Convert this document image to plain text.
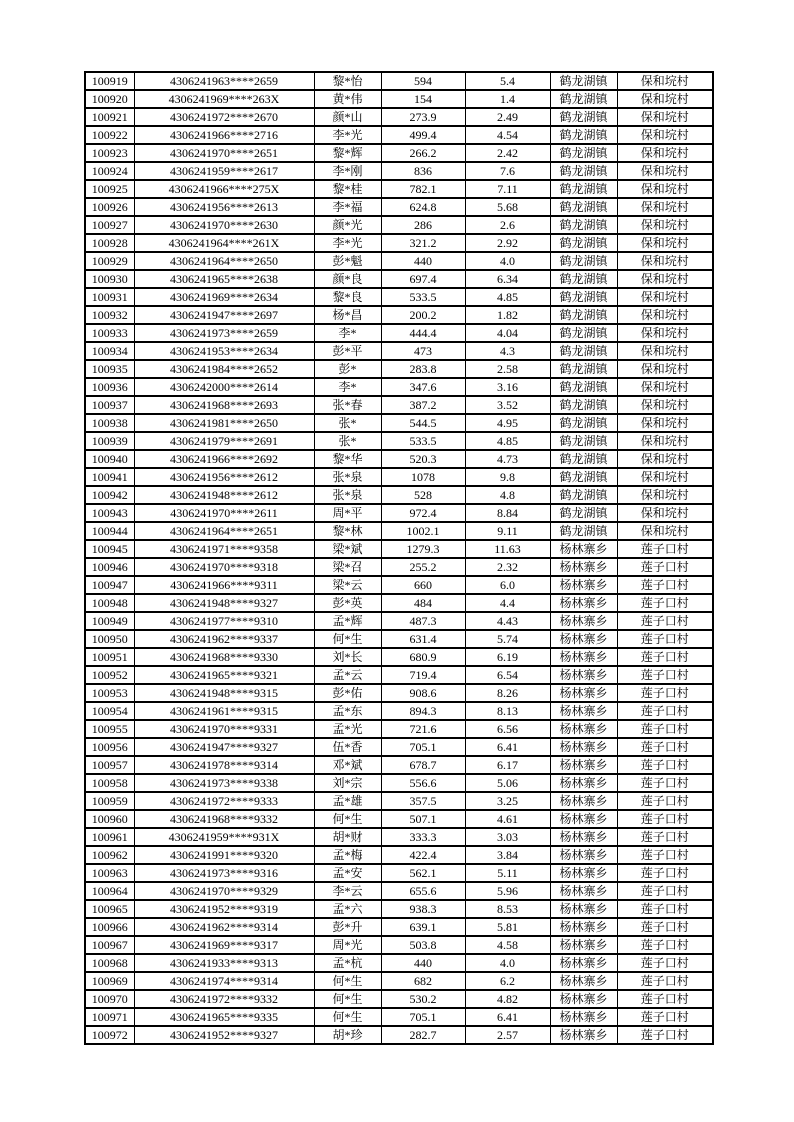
100919	4306241963****2659	黎*怡	594	5.4	鹤龙湖镇	保和垸村
100920	4306241969****263X	黄*伟	154	1.4	鹤龙湖镇	保和垸村
100921	4306241972****2670	颜*山	273.9	2.49	鹤龙湖镇	保和垸村
100922	4306241966****2716	李*光	499.4	4.54	鹤龙湖镇	保和垸村
100923	4306241970****2651	黎*辉	266.2	2.42	鹤龙湖镇	保和垸村
100924	4306241959****2617	李*刚	836	7.6	鹤龙湖镇	保和垸村
100925	4306241966****275X	黎*桂	782.1	7.11	鹤龙湖镇	保和垸村
100926	4306241956****2613	李*福	624.8	5.68	鹤龙湖镇	保和垸村
100927	4306241970****2630	颜*光	286	2.6	鹤龙湖镇	保和垸村
100928	4306241964****261X	李*光	321.2	2.92	鹤龙湖镇	保和垸村
100929	4306241964****2650	彭*魁	440	4.0	鹤龙湖镇	保和垸村
100930	4306241965****2638	颜*良	697.4	6.34	鹤龙湖镇	保和垸村
100931	4306241969****2634	黎*良	533.5	4.85	鹤龙湖镇	保和垸村
100932	4306241947****2697	杨*昌	200.2	1.82	鹤龙湖镇	保和垸村
100933	4306241973****2659	李*	444.4	4.04	鹤龙湖镇	保和垸村
100934	4306241953****2634	彭*平	473	4.3	鹤龙湖镇	保和垸村
100935	4306241984****2652	彭*	283.8	2.58	鹤龙湖镇	保和垸村
100936	4306242000****2614	李*	347.6	3.16	鹤龙湖镇	保和垸村
100937	4306241968****2693	张*春	387.2	3.52	鹤龙湖镇	保和垸村
100938	4306241981****2650	张*	544.5	4.95	鹤龙湖镇	保和垸村
100939	4306241979****2691	张*	533.5	4.85	鹤龙湖镇	保和垸村
100940	4306241966****2692	黎*华	520.3	4.73	鹤龙湖镇	保和垸村
100941	4306241956****2612	张*泉	1078	9.8	鹤龙湖镇	保和垸村
100942	4306241948****2612	张*泉	528	4.8	鹤龙湖镇	保和垸村
100943	4306241970****2611	周*平	972.4	8.84	鹤龙湖镇	保和垸村
100944	4306241964****2651	黎*林	1002.1	9.11	鹤龙湖镇	保和垸村
100945	4306241971****9358	梁*斌	1279.3	11.63	杨林寨乡	莲子口村
100946	4306241970****9318	梁*召	255.2	2.32	杨林寨乡	莲子口村
100947	4306241966****9311	梁*云	660	6.0	杨林寨乡	莲子口村
100948	4306241948****9327	彭*英	484	4.4	杨林寨乡	莲子口村
100949	4306241977****9310	孟*辉	487.3	4.43	杨林寨乡	莲子口村
100950	4306241962****9337	何*生	631.4	5.74	杨林寨乡	莲子口村
100951	4306241968****9330	刘*长	680.9	6.19	杨林寨乡	莲子口村
100952	4306241965****9321	孟*云	719.4	6.54	杨林寨乡	莲子口村
100953	4306241948****9315	彭*佑	908.6	8.26	杨林寨乡	莲子口村
100954	4306241961****9315	孟*东	894.3	8.13	杨林寨乡	莲子口村
100955	4306241970****9331	孟*光	721.6	6.56	杨林寨乡	莲子口村
100956	4306241947****9327	伍*香	705.1	6.41	杨林寨乡	莲子口村
100957	4306241978****9314	邓*斌	678.7	6.17	杨林寨乡	莲子口村
100958	4306241973****9338	刘*宗	556.6	5.06	杨林寨乡	莲子口村
100959	4306241972****9333	孟*雄	357.5	3.25	杨林寨乡	莲子口村
100960	4306241968****9332	何*生	507.1	4.61	杨林寨乡	莲子口村
100961	4306241959****931X	胡*财	333.3	3.03	杨林寨乡	莲子口村
100962	4306241991****9320	孟*梅	422.4	3.84	杨林寨乡	莲子口村
100963	4306241973****9316	孟*安	562.1	5.11	杨林寨乡	莲子口村
100964	4306241970****9329	李*云	655.6	5.96	杨林寨乡	莲子口村
100965	4306241952****9319	孟*六	938.3	8.53	杨林寨乡	莲子口村
100966	4306241962****9314	彭*升	639.1	5.81	杨林寨乡	莲子口村
100967	4306241969****9317	周*光	503.8	4.58	杨林寨乡	莲子口村
100968	4306241933****9313	孟*杭	440	4.0	杨林寨乡	莲子口村
100969	4306241974****9314	何*生	682	6.2	杨林寨乡	莲子口村
100970	4306241972****9332	何*生	530.2	4.82	杨林寨乡	莲子口村
100971	4306241965****9335	何*生	705.1	6.41	杨林寨乡	莲子口村
100972	4306241952****9327	胡*珍	282.7	2.57	杨林寨乡	莲子口村
